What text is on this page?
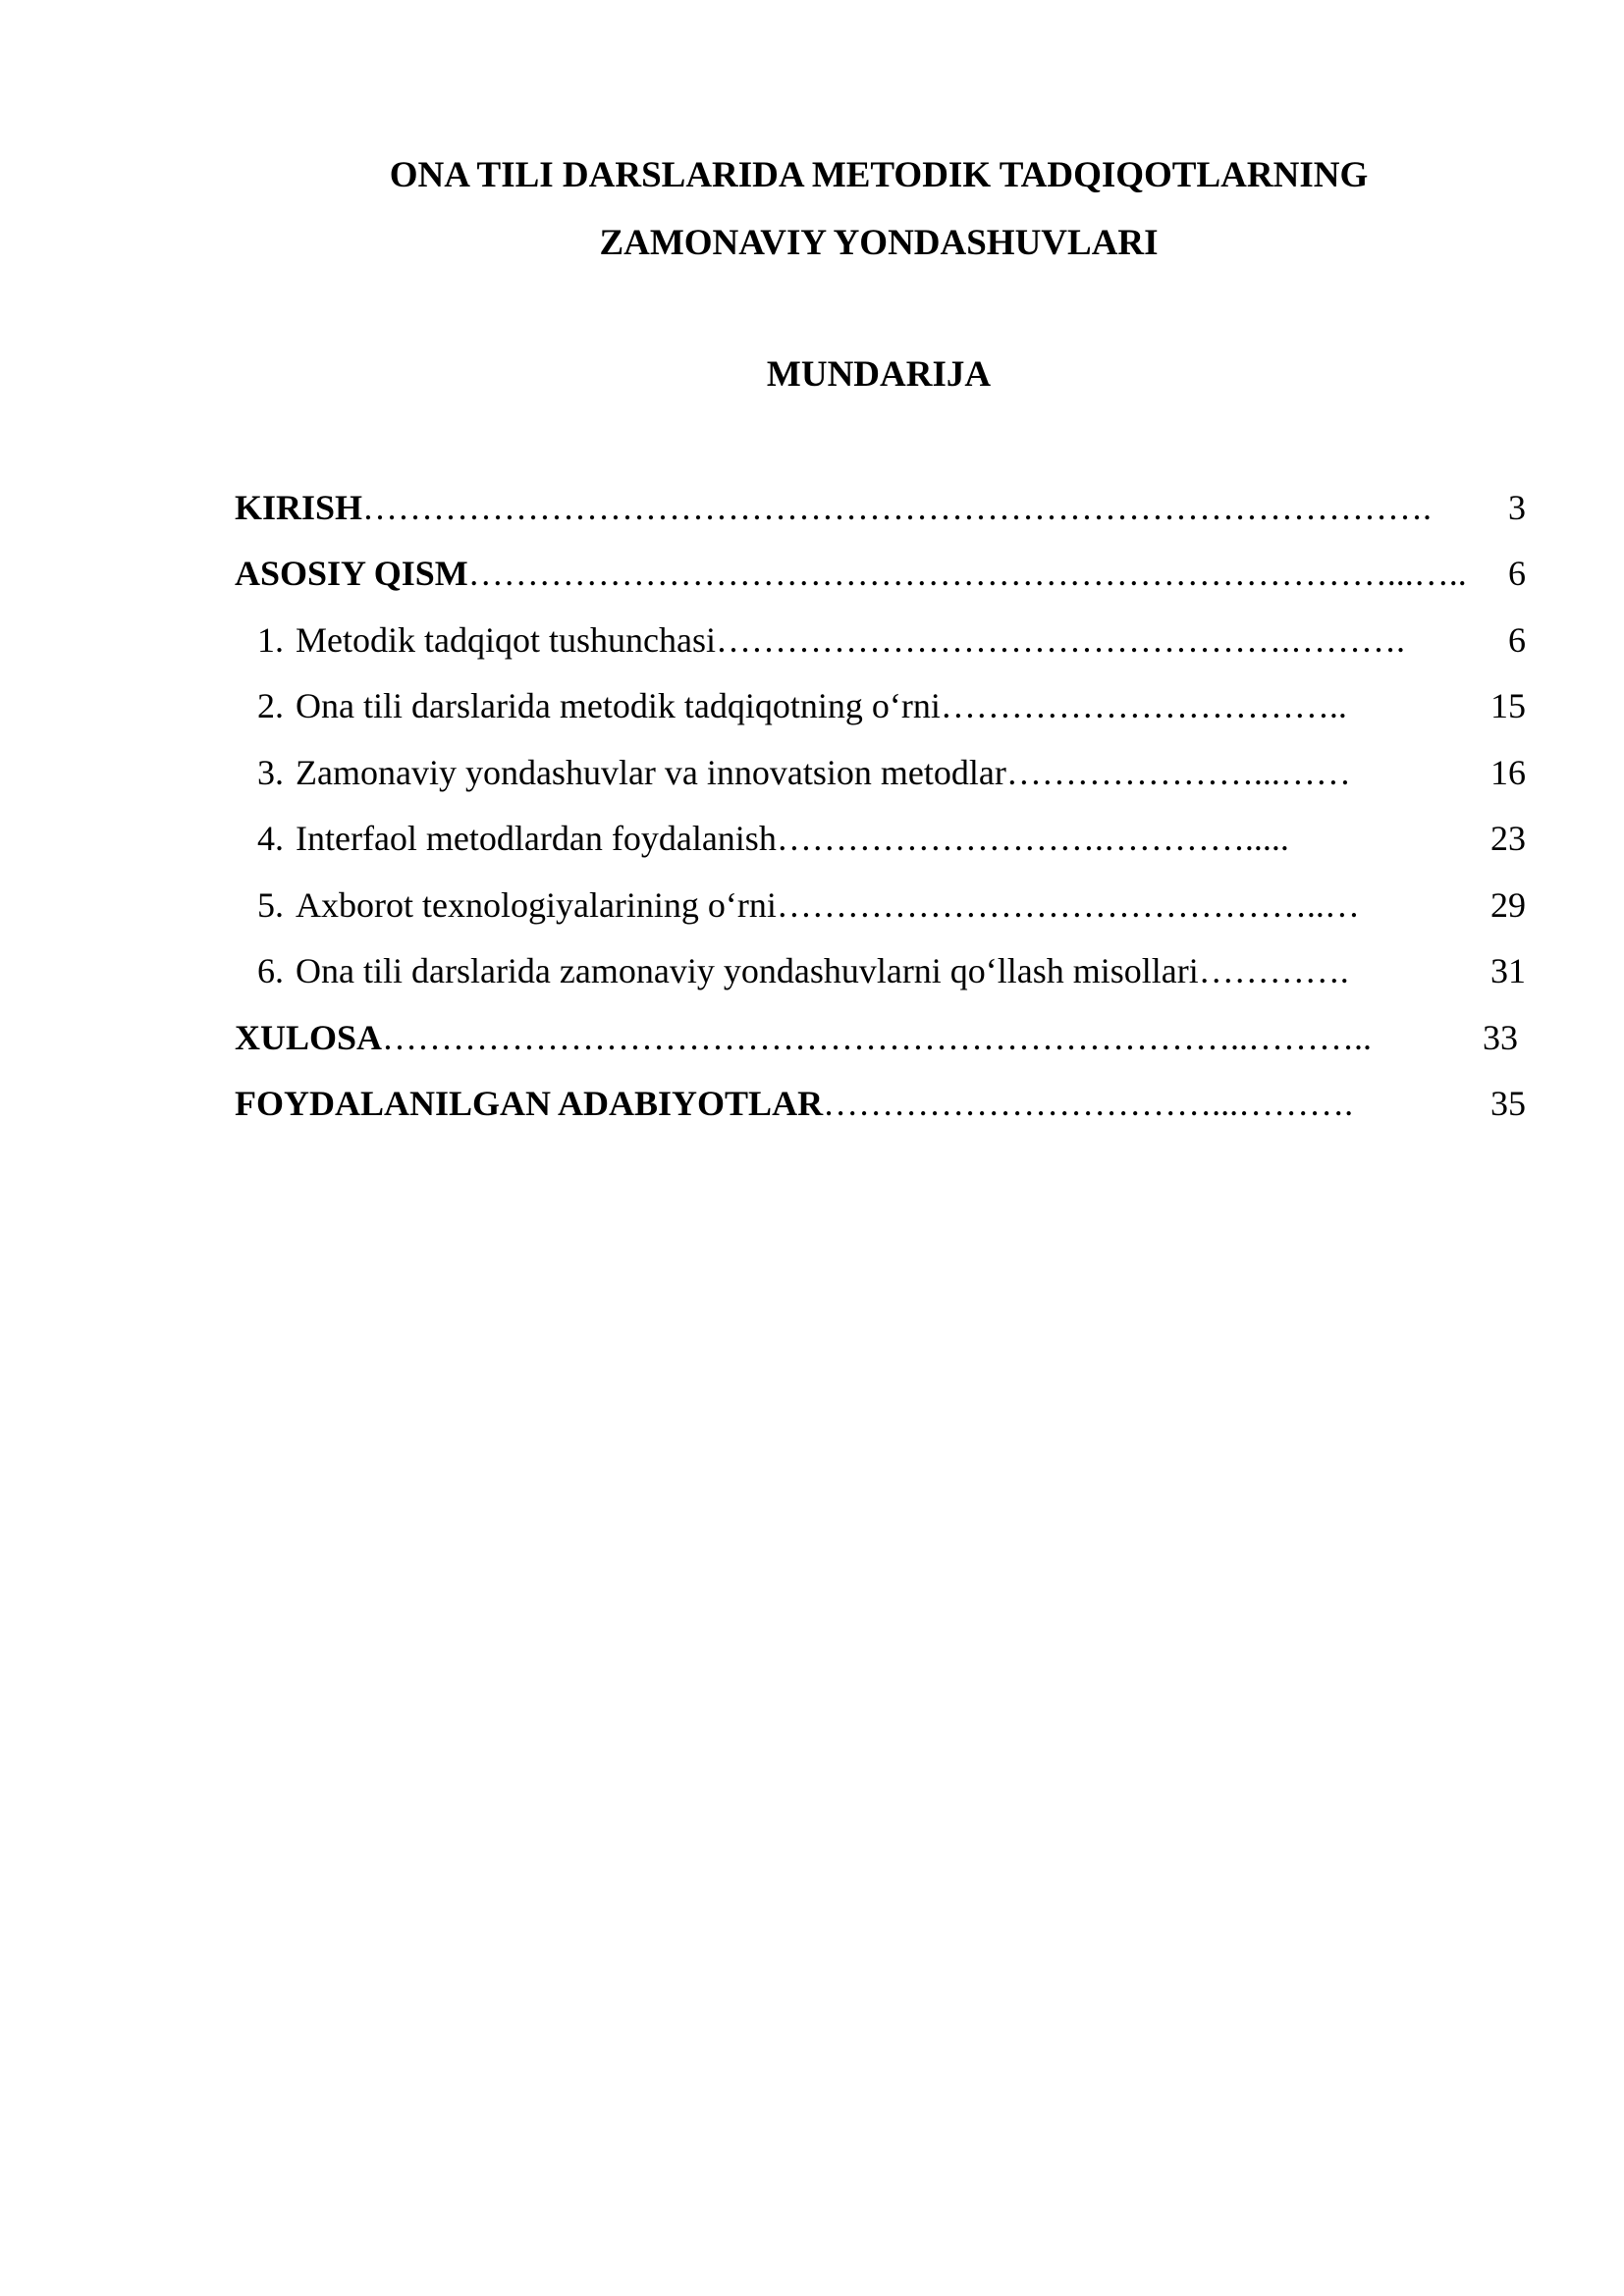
ONA TILI DARSLARIDA METODIK TADQIQOTLARNING
ZAMONAVIY YONDASHUVLARI
MUNDARIJA
KIRISH ……………………………………………………………………………….	3
ASOSIY QISM ……………………………………………………………………...…..	6
1. Metodik tadqiqot tushunchasi ………………………………………….……….	6
2. Ona tili darslarida metodik tadqiqotning o‘rni ……………………………..	15
3. Zamonaviy yondashuvlar va innovatsion metodlar …………………...……	16
4. Interfaol metodlardan foydalanish ……………………….………….....	23
5. Axborot texnologiyalarining o‘rni ………………………………………..…	29
6. Ona tili darslarida zamonaviy yondashuvlarni qo‘llash misollari ………….	31
XULOSA ………………………………………………………………..………..	33
FOYDALANILGAN ADABIYOTLAR ……………………………...……….	35
